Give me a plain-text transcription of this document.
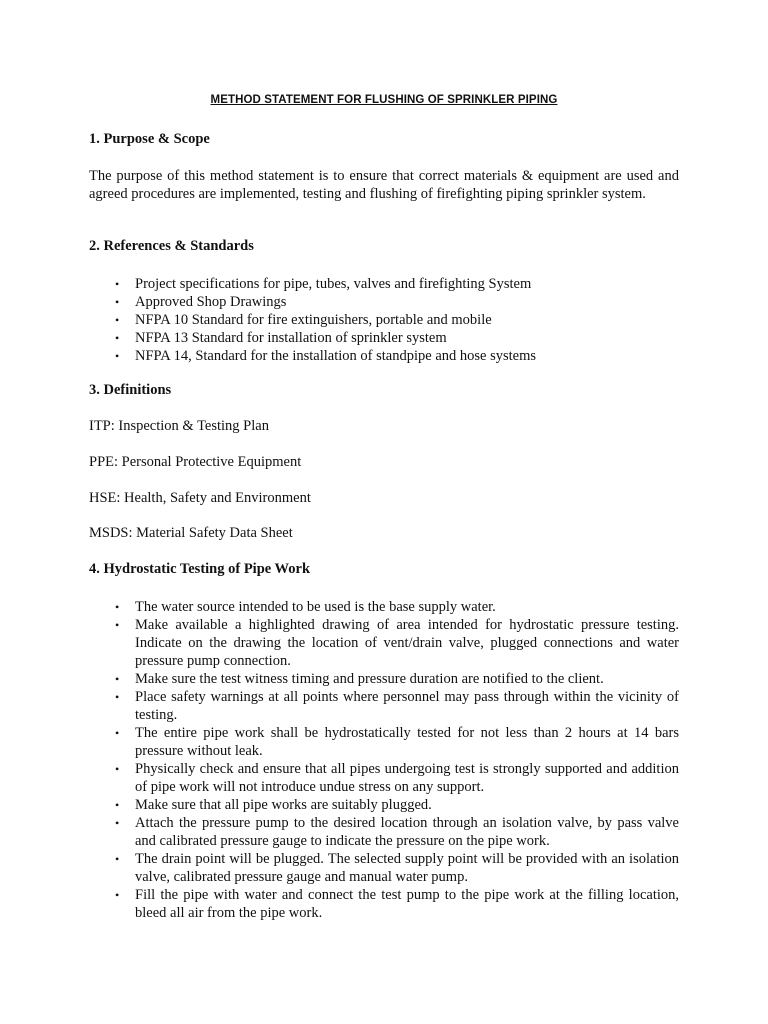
METHOD STATEMENT FOR FLUSHING OF SPRINKLER PIPING
1. Purpose & Scope
The purpose of this method statement is to ensure that correct materials & equipment are used and agreed procedures are implemented, testing and flushing of firefighting piping sprinkler system.
2. References & Standards
• Project specifications for pipe, tubes, valves and firefighting System
• Approved Shop Drawings
• NFPA 10 Standard for fire extinguishers, portable and mobile
• NFPA 13 Standard for installation of sprinkler system
• NFPA 14, Standard for the installation of standpipe and hose systems
3. Definitions
ITP: Inspection & Testing Plan
PPE: Personal Protective Equipment
HSE: Health, Safety and Environment
MSDS: Material Safety Data Sheet
4. Hydrostatic Testing of Pipe Work
• The water source intended to be used is the base supply water.
• Make available a highlighted drawing of area intended for hydrostatic pressure testing. Indicate on the drawing the location of vent/drain valve, plugged connections and water pressure pump connection.
• Make sure the test witness timing and pressure duration are notified to the client.
• Place safety warnings at all points where personnel may pass through within the vicinity of testing.
• The entire pipe work shall be hydrostatically tested for not less than 2 hours at 14 bars pressure without leak.
• Physically check and ensure that all pipes undergoing test is strongly supported and addition of pipe work will not introduce undue stress on any support.
• Make sure that all pipe works are suitably plugged.
• Attach the pressure pump to the desired location through an isolation valve, by pass valve and calibrated pressure gauge to indicate the pressure on the pipe work.
• The drain point will be plugged. The selected supply point will be provided with an isolation valve, calibrated pressure gauge and manual water pump.
• Fill the pipe with water and connect the test pump to the pipe work at the filling location, bleed all air from the pipe work.
